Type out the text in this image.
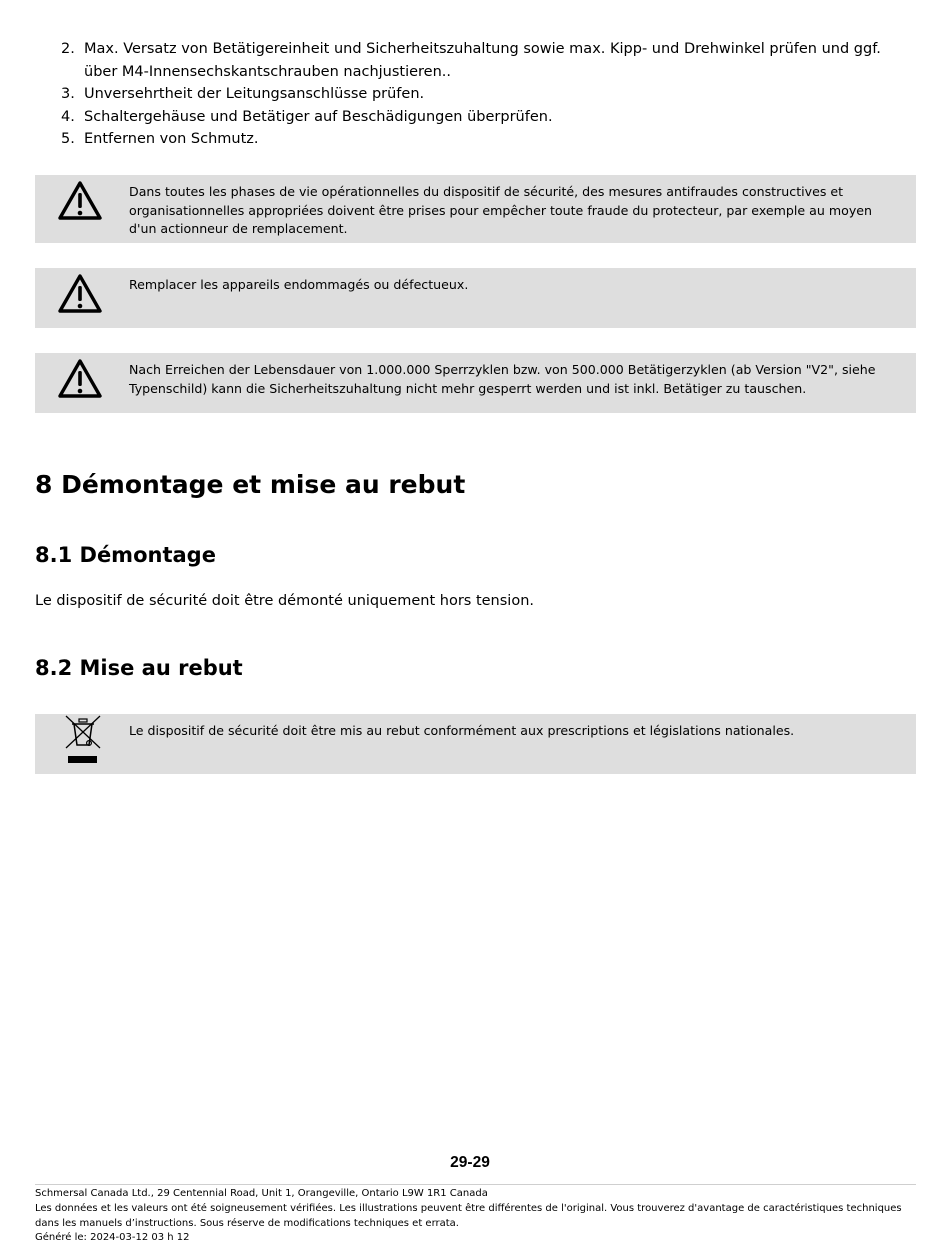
2. Max. Versatz von Betätigereinheit und Sicherheitszuhaltung sowie max. Kipp- und Drehwinkel prüfen und ggf. über M4-Innensechskantschrauben nachjustieren..
3. Unversehrtheit der Leitungsanschlüsse prüfen.
4. Schaltergehäuse und Betätiger auf Beschädigungen überprüfen.
5. Entfernen von Schmutz.
Dans toutes les phases de vie opérationnelles du dispositif de sécurité, des mesures antifraudes constructives et organisationnelles appropriées doivent être prises pour empêcher toute fraude du protecteur, par exemple au moyen d'un actionneur de remplacement.
Remplacer les appareils endommagés ou défectueux.
Nach Erreichen der Lebensdauer von 1.000.000 Sperrzyklen bzw. von 500.000 Betätigerzyklen (ab Version "V2", siehe Typenschild) kann die Sicherheitszuhaltung nicht mehr gesperrt werden und ist inkl. Betätiger zu tauschen.
8 Démontage et mise au rebut
8.1 Démontage

Le dispositif de sécurité doit être démonté uniquement hors tension.

8.2 Mise au rebut
Le dispositif de sécurité doit être mis au rebut conformément aux prescriptions et législations nationales.
29-29
Schmersal Canada Ltd., 29 Centennial Road, Unit 1, Orangeville, Ontario L9W 1R1 Canada
Les données et les valeurs ont été soigneusement vérifiées. Les illustrations peuvent être différentes de l'original. Vous trouverez d'avantage de caractéristiques techniques dans les manuels d’instructions. Sous réserve de modifications techniques et errata.
Généré le: 2024-03-12 03 h 12
